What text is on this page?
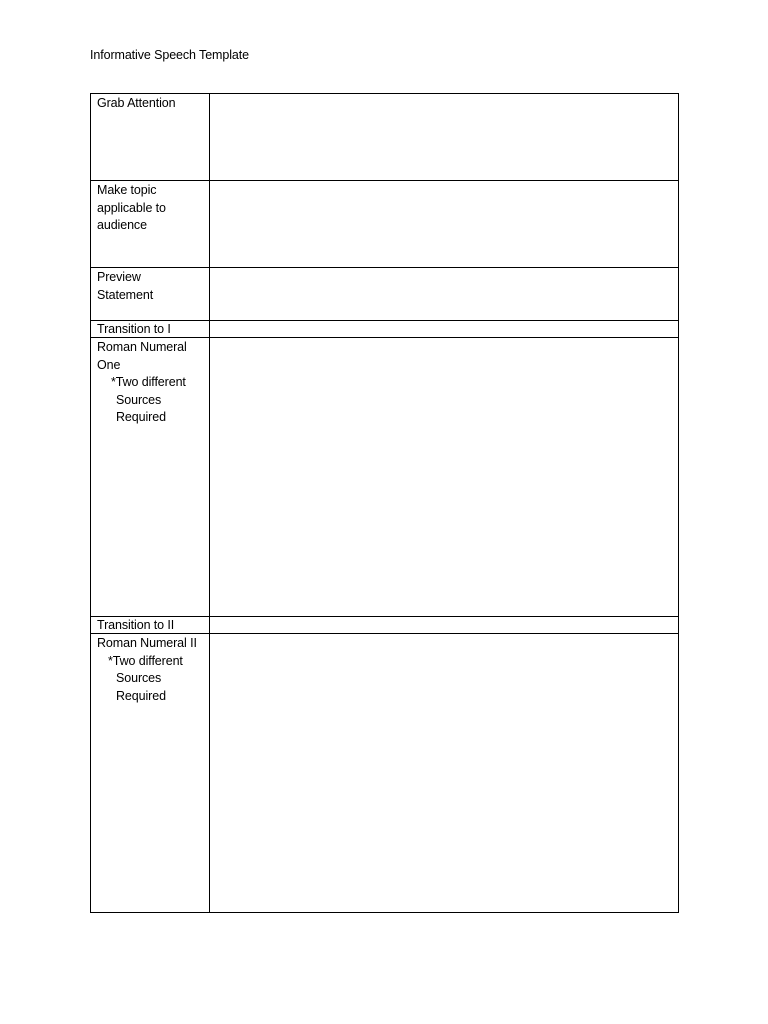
Informative Speech Template
Grab Attention	

Make topic
applicable to
audience	

Preview
Statement	

Transition to I	

Roman Numeral
One
*Two different
Sources
Required	

Transition to II	

Roman Numeral II
*Two different
Sources
Required	
